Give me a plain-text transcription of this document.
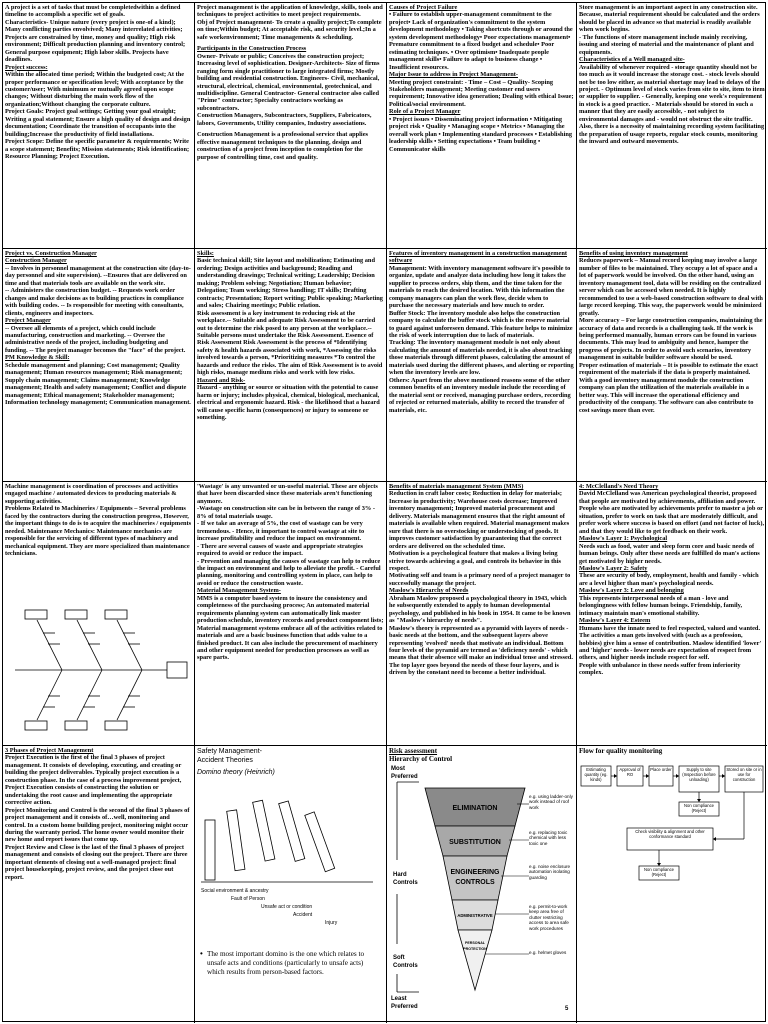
A project is a set of tasks that must be completedwithin a defined timeline to accomplish a specific set of goals.

Characteristics- Unique nature (every project is one-of a kind); Many conflicting parties envolvived; Many interrelated activities; Projects are constrained by time, money and quality; High risk environment; Difficult production planning and inventory control; General purpose equipment; High labor skills. Projects have deadlines.

Project success:

Within the allocated time period; Within the budgeted cost; At the proper performance or specification level; With acceptance by the customer/user; With minimum or mutually agreed upon scope changes; Without disturbing the main work flow of the organization;Without changing the corporate culture.

Project Goals: Project goal settings; Getting your goal straight; Writing a goal statement; Ensure a high quality of design and design documentation; Coordinate the transition of occupants into the building;Increase the productivity of field installations.

Project Scope: Define the specific parameter & requirements; Write a scope statement; Benefits; Mission statements; Risk identification; Resource Planning; Project Execution.

Project management is the application of knowledge, skills, tools and techniques to project activities to meet project requirements.

Obj of Project management- To create a quality project;To complete on time;Within budget; At acceptable risk, and security level.;In a safe workenvironment; Time managements & scheduling.

Participants in the Construction Process

Owner- Private or public; Conceives the construction project; Increasing level of sophistication. Designer-Architects- Size of firms ranging form single practitioner to large integrated firms; Mostly building and residential construction. Engineers- Civil, mechanical, structural, electrical, chemical, environmental, geotechnical, and multidiscipline. General Contractor- General contractor also called "Prime" contractor; Specialty contractors working as subcontractors.

Construction Managers, Subcontractors, Suppliers, Fabricators, labors, Governments, Utility companies, Industry associations.

Construction Management is a professional service that applies effective management techniques to the planning, design and construction of a project from inception to completion for the purpose of controlling time, cost and quality.

Causes of Project Failure

• Failure to establish upper-management commitment to the project• Lack of organization's commitment to the system development methodology • Taking shortcuts through or around the system development methodology• Poor expectations management• Premature commitment to a fixed budget and schedule• Poor estimating techniques. • Over optimism• Inadequate people management skills• Failure to adapt to business change • Insufficient resources.

Major Issue to address in Project Management-

Meeting project constraint: - Time – Cost – Quality- Scoping Stakeholders management; Meeting customer end users requirement; Innovative idea generation; Dealing with ethical Issue; Political/social environment.

Role of a Project Manager

• Project issues • Disseminating project information • Mitigating project risk • Quality • Managing scope • Metrics • Managing the overall work plan • Implementing standard processes • Establishing leadership skills • Setting expectations • Team building • Communicator skills

Store management is an important aspect in any construction site.

Because, material requirement should be calculated and the orders should be placed in advance so that material is readily available when work begins.

- The functions of store management include mainly receiving, issuing and storing of material and the maintenance of plant and equipments.

Characteristics of a Well managed site-

Availability of whenever required - storage quantity should not be too much as it would increase the storage cost. - stock levels should not be too low either, as material shortage may lead to delays of the project. - Optimum level of stock varies from site to site, item to item or supplier to supplier. - Generally, keeping one week's requirement in stock is a good practice. - Materials should be stored in such a manner that they are easily accessible, - not subject to environmental damages and - would not obstruct the site traffic. Also, there is a necessity of maintaining recording system facilitating the preparation of usage reports, regular stock counts, monitoring the inward and outward movements.

Project vs. Construction Manager

Construction Manager

-- Involves in personnel management at the construction site (day-to-day personnel and site supervision). --Ensures that are delivered on time and that materials tools are available on the work site.

-- Administers the construction budget. -- Requests work order changes and make decisions as to building practices in compliance with building codes. -- Is responsible for meeting with consultants, clients, engineers and inspectors.

Project Manager

-- Oversee all elements of a project, which could include manufacturing, construction and marketing. -- Oversee the administrative needs of the project, including budgeting and funding. -- The project manager becomes the "face" of the project.

PM Knowledge & Skill:

Schedule management and planning; Cost management; Quality management; Human resources management; Risk management; Supply chain management; Claims management; Knowledge management; Health and safety management; Conflict and dispute management; Ethical management; Stakeholder management; Information technology management; Communication management.

Skills:

Basic technical skill; Site layout and mobilization; Estimating and ordering; Design activities and background; Reading and understanding drawings; Technical writing; Leadership; Decision making; Problem solving; Negotiation; Human behavior; Delegation; Team working; Stress handling; IT skills; Drafting contracts; Presentation; Report writing; Public speaking; Marketing and sales; Chairing meetings; Public relation.

Risk assessment is a key instrument to reducing risk at the workplace.-- Suitable and adequate Risk Assessment to be carried out to determine the risk posed to any person at the workplace.-- Suitable persons must undertake the Risk Assessment. Essence of Risk Assessment Risk Assessment is the process of *Identifying safety & health hazards associated with work, *Assessing the risks involved towards a person, *Prioritizing measures *To control the hazards and reduce the risks. The aim of Risk Assessment is to avoid high risks, manage medium risks and work with low risks.

Hazard and Risk-

Hazard - anything or source or situation with the potential to cause harm or injury; includes physical, chemical, biological, mechanical, electrical and ergonomic hazard. Risk - the likelihood that a hazard will cause specific harm (consequences) or injury to someone or something.

Features of inventory management in a construction management software

Management: With inventory management software it's possible to organize, update and analyze data including how long it takes the supplier to process orders, ship them, and the time taken for the materials to reach the desired location. With this information the company managers can plan the work flow, decide when to purchase the necessary materials and how much to order.

Buffer Stock: The inventory module also helps the construction company to calculate the buffer stock which is the reserve material to guard against unforeseen demand. This feature helps to minimize the risk of work interruption due to lack of materials.

Tracking: The inventory management module is not only about calculating the amount of materials needed, it is also about tracking those materials through different phases, calculating the amount of materials used during the different phases, and alerting or reporting when the inventory levels are low.

Others: Apart from the above mentioned reasons some of the other common benefits of an inventory module include the recording of the material sent or received, managing purchase orders, recording of rejected or returned materials, ability to record the transfer of materials, etc.

Benefits of using inventory management

Reduces paperwork – Manual record keeping may involve a large number of files to be maintained. They occupy a lot of space and a lot of paperwork would be involved. On the other hand, using an inventory management tool, data will be residing on the centralized server which can be accessed when needed. It is highly recommended to use a web-based construction software to deal with large record keeping. This way, the paperwork would be minimized greatly.

More accuracy – For large construction companies, maintaining the accuracy of data and records is a challenging task. If the work is being performed manually, human errors can be found in various documents. This may lead to ambiguity and hence, hamper the progress of projects. In order to avoid such scenarios, inventory management in suitable builder software should be used.

Proper estimation of materials – It is possible to estimate the exact requirement of the materials if the data is properly maintained. With a good inventory management module the construction company can plan the utilization of the materials available in a better way. This will increase the operational efficiency and productivity of the company. The software can also contribute to cost savings more than ever.

Machine management is coordination of processes and activities engaged machine / automated devices to producing materials & supporting activities.

Problems Related to Machineries / Equipments – Several problems faced by the contractors during the construction progress, However, the important things to do is to acquire the machineries / equipments needed. Maintenance Mechanics: Maintenance mechanics are responsible for the servicing of different types of machinery and mechanical equipment. They are more specialized than maintenance technicians.

'Wastage' is any unwanted or un-useful material. These are objects that have been discarded since these materials aren't functioning anymore.

-Wastage on construction site can be in between the range of 3% - 8% of total materials usage.

- If we take an average of 5%, the cost of wastage can be very tremendous. - Hence, it important to control wastage at site to increase profitability and reduce the impact on environment.

- There are several causes of waste and appropriate strategies required to avoid or reduce the impact.

- Prevention and managing the causes of wastage can help to reduce the impact on environment and help to alleviate the profit. - Careful planning, monitoring and controlling system in place, can help to avoid or reduce the construction waste.

Material Management System-

MMS is a computer based system to insure the consistency and completeness of the purchasing process; An automated material requirements planning system can automatically link master production schedule, inventory records and product component lists; Material management systems embrace all of the activities related to materials and are a basic business function that adds value to a finished product. It can also include the procurement of machinery and other equipment needed for production processes as well as spare parts.

Benefits of materials management System (MMS)

Reduction in craft labor costs; Reduction in delay for materials; Increase in productivity; Warehouse costs decrease; Improved inventory management; Improved material procurement and delivery. Materials management ensures that the right amount of materials is available when required. Material management makes sure that there is no overstocking or understocking of goods. It improves customer satisfaction by guaranteeing that the correct orders are delivered on the scheduled time.

Motivation is a psychological feature that makes a living being strive towards achieving a goal, and controls its behavior in this respect.

Motivating self and team is a primary need of a project manager to successfully manage the project.

Maslow's Hierarchy of Needs

Abraham Maslow proposed a psychological theory in 1943, which he subsequently extended to apply to human developmental psychology, and published in his book in 1954. It came to be known as "Maslow's hierarchy of needs".

Maslow's theory is represented as a pyramid with layers of needs - basic needs at the bottom, and the subsequent layers above representing 'evolved' needs that motivate an individual. Bottom four levels of the pyramid are termed as 'deficiency needs' - which means that their absence will make an individual tense and stressed. The top layer goes beyond the needs of these four layers, and is driven by the constant need to become a better individual.

4: McClelland's Need Theory

David McClelland was American psychological theorist, proposed that people are motivated by achievements, affiliation and power.

People who are motivated by achievements prefer to master a job or situation, prefer to work on task that are moderately difficult, and prefer work where success is based on effort (and not factor of luck), and that they would like to get feedback on their work.

Maslow's Layer 1: Psychological

Needs such as food, water and sleep form core and basic needs of human beings. Only after these needs are fulfilled do man's actions get motivated by higher needs.

Maslow's Layer 2: Safety

These are security of body, employment, health and family - which are a level higher than man's psychological needs.

Maslow's Layer 3: Love and belonging

This represents interpersonal needs of a man - love and belongingness with fellow human beings. Friendship, family, intimacy maintain man's emotional stability.

Maslow's Layer 4: Esteem

Humans have the innate need to feel respected, valued and wanted. The activities a man gets involved with (such as a profession, hobbies) give him a sense of contribution. Maslow identified 'lower' and 'higher' needs - lower needs are expectation of respect from others, and higher needs include respect for self.

People with unbalance in these needs suffer from inferiority complex.

3 Phases of Project Management

Project Execution is the first of the final 3 phases of project management. It consists of developing, executing, and creating or building the project deliverables. Typically project execution is a construction phase. In the case of a process improvement project, Project Execution consists of constructing the solution or undertaking the root cause and implementing the appropriate corrective action.

Project Monitoring and Control is the second of the final 3 phases of project management and it consists of…well, monitoring and control. In a custom home building project, monitoring might occur during the warranty period. The home owner would monitor their new home and report issues that come up.

Project Review and Close is the last of the final 3 phases of project management and consists of closing out the project. There are three important elements of closing out a well-managed project: final project housekeeping, project review, and the project close out report.

Safety Management-

Accident Theories

Domino theory (Heinrich)

Social environment & ancestry
Fault of Person
Unsafe act or condition
Accident
Injury

The most important domino is the one which relates to unsafe acts and conditions (particularly to unsafe acts) which results from person-based factors.

•

Risk assessment

Hierarchy of Control

Most
Preferred
Hard
Controls
Soft
Controls
Least
Preferred
ELIMINATION
SUBSTITUTION
ENGINEERING
CONTROLS
ADMINISTRATIVE
PERSONAL
PROTECTION
e.g. using ladder-only work instead of roof work
e.g. replacing toxic chemical with less toxic one
e.g. noise enclosure automation isolating guarding
e.g. permit-to-work keep area free of clutter restricting access to area safe work procedures
e.g. helmet gloves
5

Flow for quality monitoring

Estimating quantity (eg. kinds)
Approval of RO
Place order	Supply to site (Inspection before unloading)
Stored on site or in use for construction
Non compliance (Reject)
Check visibility & alignment and other conformance standard
Non compliance (Reject)
